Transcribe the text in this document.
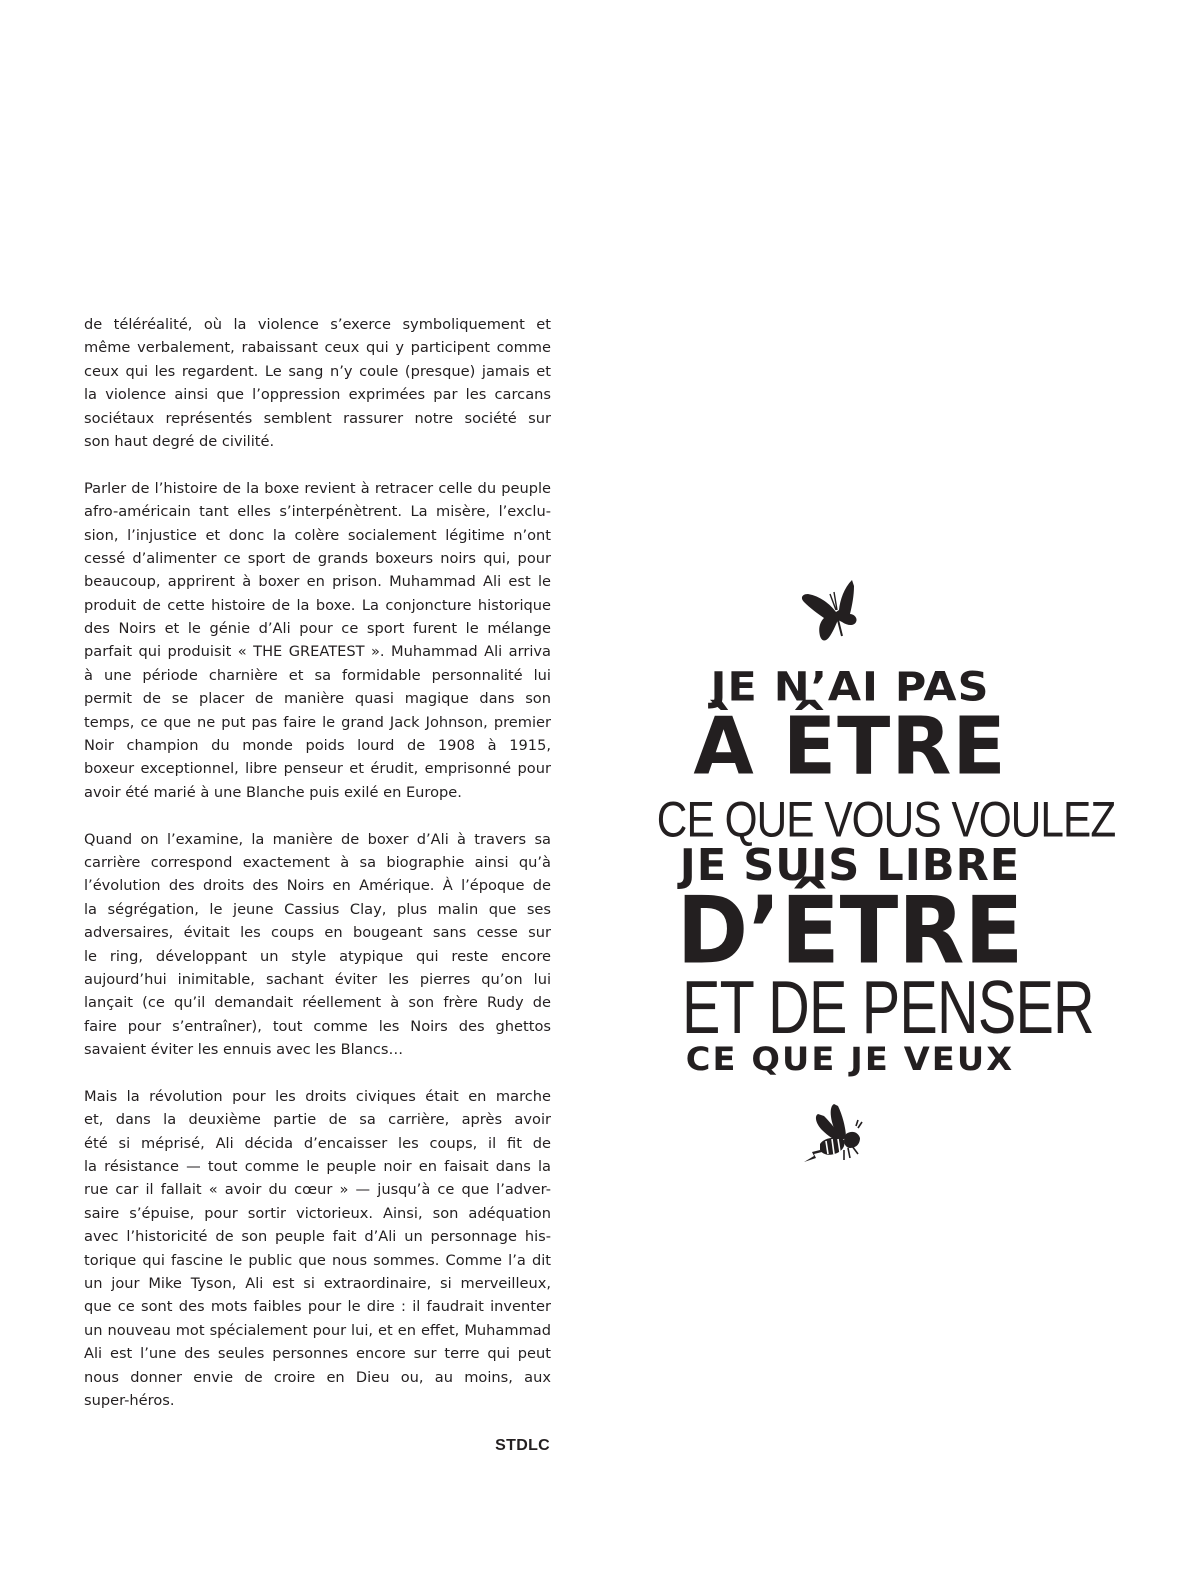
de téléréalité, où la violence s’exerce symboliquement et
même verbalement, rabaissant ceux qui y participent comme
ceux qui les regardent. Le sang n’y coule (presque) jamais et
la violence ainsi que l’oppression exprimées par les carcans
sociétaux représentés semblent rassurer notre société sur
son haut degré de civilité.
Parler de l’histoire de la boxe revient à retracer celle du peuple
afro-américain tant elles s’interpénètrent. La misère, l’exclu-
sion, l’injustice et donc la colère socialement légitime n’ont
cessé d’alimenter ce sport de grands boxeurs noirs qui, pour
beaucoup, apprirent à boxer en prison. Muhammad Ali est le
produit de cette histoire de la boxe. La conjoncture historique
des Noirs et le génie d’Ali pour ce sport furent le mélange
parfait qui produisit « THE GREATEST ». Muhammad Ali arriva
à une période charnière et sa formidable personnalité lui
permit de se placer de manière quasi magique dans son
temps, ce que ne put pas faire le grand Jack Johnson, premier
Noir champion du monde poids lourd de 1908 à 1915,
boxeur exceptionnel, libre penseur et érudit, emprisonné pour
avoir été marié à une Blanche puis exilé en Europe.
Quand on l’examine, la manière de boxer d’Ali à travers sa
carrière correspond exactement à sa biographie ainsi qu’à
l’évolution des droits des Noirs en Amérique. À l’époque de
la ségrégation, le jeune Cassius Clay, plus malin que ses
adversaires, évitait les coups en bougeant sans cesse sur
le ring, développant un style atypique qui reste encore
aujourd’hui inimitable, sachant éviter les pierres qu’on lui
lançait (ce qu’il demandait réellement à son frère Rudy de
faire pour s’entraîner), tout comme les Noirs des ghettos
savaient éviter les ennuis avec les Blancs…
Mais la révolution pour les droits civiques était en marche
et, dans la deuxième partie de sa carrière, après avoir
été si méprisé, Ali décida d’encaisser les coups, il fit de
la résistance — tout comme le peuple noir en faisait dans la
rue car il fallait « avoir du cœur » — jusqu’à ce que l’adver-
saire s’épuise, pour sortir victorieux. Ainsi, son adéquation
avec l’historicité de son peuple fait d’Ali un personnage his-
torique qui fascine le public que nous sommes. Comme l’a dit
un jour Mike Tyson, Ali est si extraordinaire, si merveilleux,
que ce sont des mots faibles pour le dire : il faudrait inventer
un nouveau mot spécialement pour lui, et en effet, Muhammad
Ali est l’une des seules personnes encore sur terre qui peut
nous donner envie de croire en Dieu ou, au moins, aux
super-héros.
STDLC
JE N’AI PAS
À ÊTRE
CE QUE VOUS VOULEZ
JE SUIS LIBRE
D’ÊTRE
ET DE PENSER
CE QUE JE VEUX
